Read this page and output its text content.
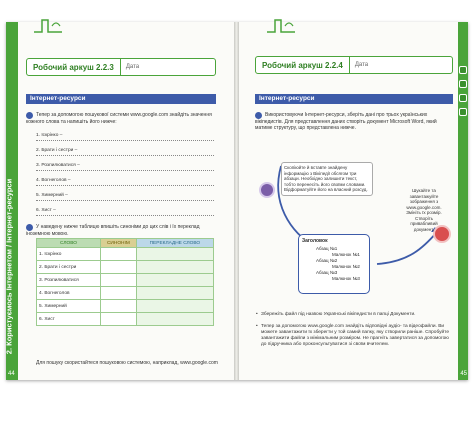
2. Користуємось Інтернетом / Інтернет-ресурси
44
Робочий аркуш 2.2.3	Дата
Інтернет-ресурси
Тепер за допомогою пошукової системи www.google.com знайдіть значення кожного слова та напишіть його нижче:
1. Іскрінко –
2. Брати і сестри –
3. Розпилюватися –
4. Вогнеголов –
5. Химерний –
6. Хист –
У наведену нижче таблицю впишіть синоніми до цих слів і їх переклад іноземною мовою.
СЛОВО	СИНОНІМ	ПЕРЕКЛАДНЕ СЛОВО
1. Іскрінко		
2. Брати і сестри		
3. Розпилюватися		
4. Вогнеголов		
5. Химерний		
6. Хист		
Для пошуку скористайтеся пошуковою системою, наприклад, www.google.com
45
Робочий аркуш 2.2.4	Дата
Інтернет-ресурси
Використовуючи Інтернет-ресурси, зберіть дані про трьох українських вікіпедистів. Для представлення даних створіть документ Microsoft Word, який матиме структуру, що представлена нижче.
Скопіюйте й вставте знайдену інформацію з Вікіпедії обсягом три абзаци. Необхідно залишити текст, тобто перенесіть його своїми словами. Відформатуйте його на власний розсуд.
Заголовок
Абзац №1
Малюнок №1
Абзац №2
Малюнок №2
Абзац №3
Малюнок №3
Шукайте та завантажуйте зображення з www.google.com. Змініть їх розмір. Створіть привабливий документ.
• Збережіть файл під назвою Українські вікіпедисти в папці Документи.
• Тепер за допомогою www.google.com знайдіть відповідні аудіо- та відеофайли. Ви можете завантажити їх зберегти у той самий папку, яку створили раніше. Спробуйте завантажити файли з мінімальним розміром. Не прагніть завертатися за допомогою до підручника або проконсультуватися зі своїм вчителем.
